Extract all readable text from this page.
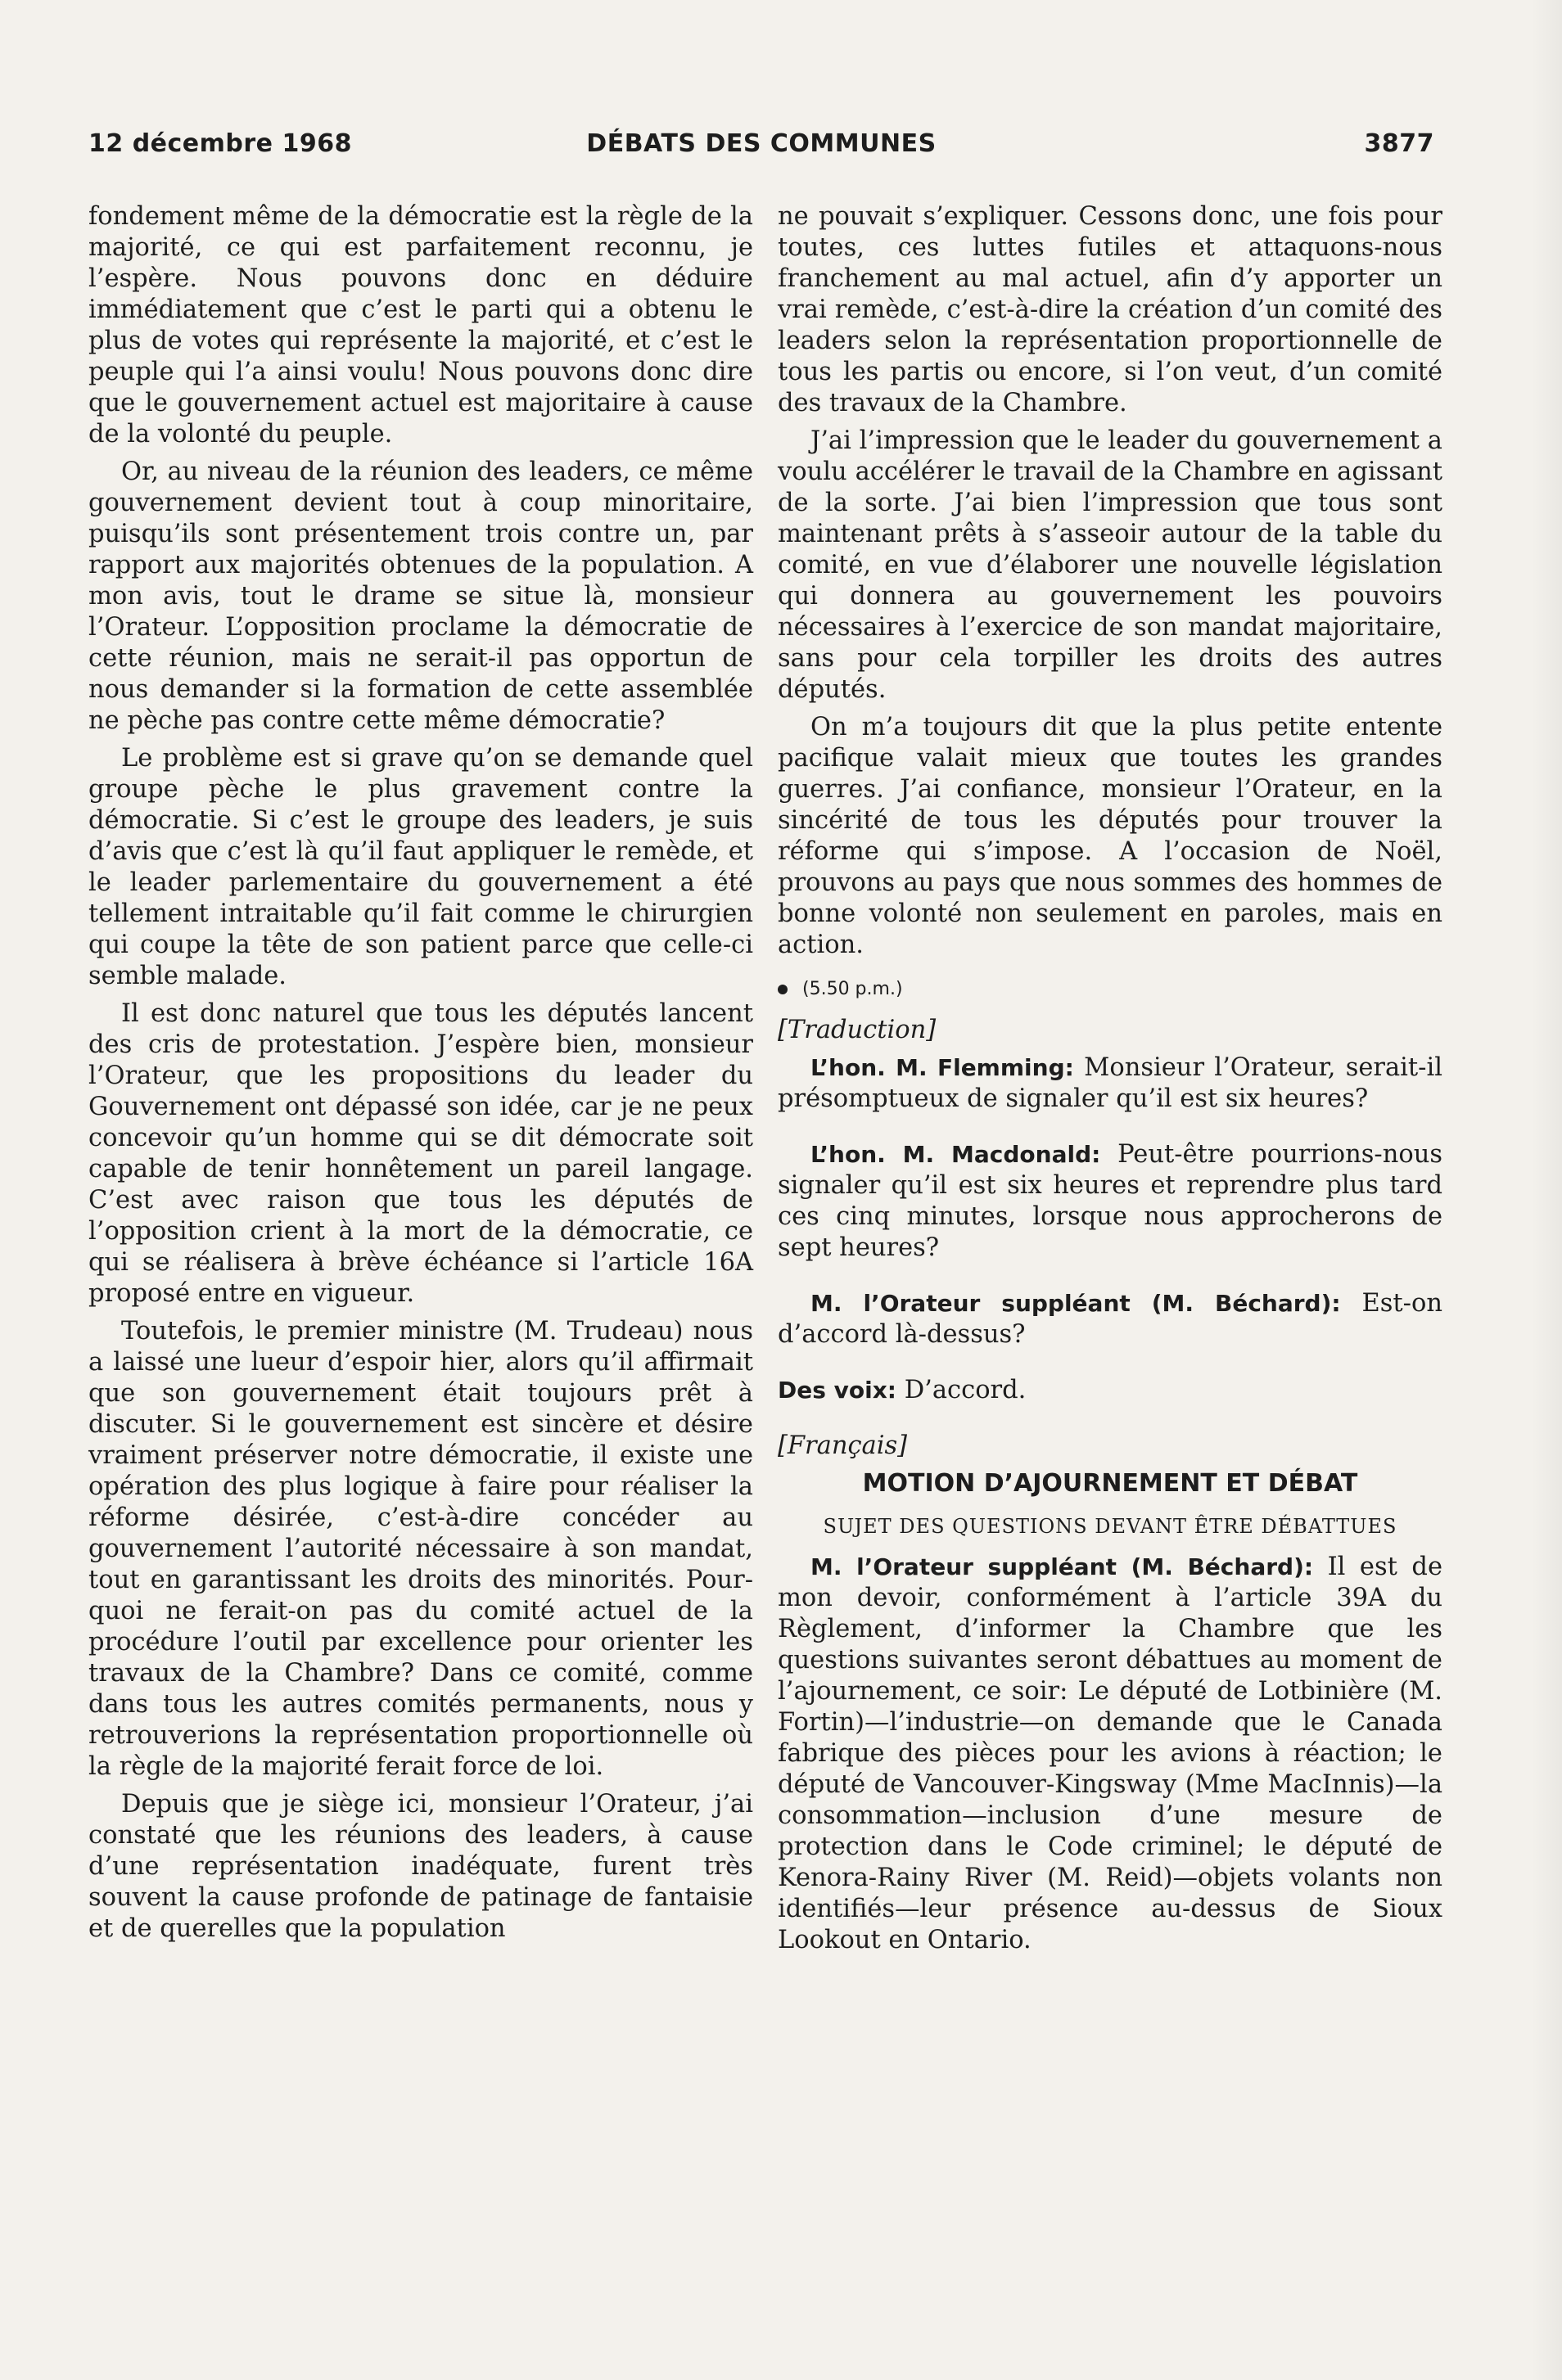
12 décembre 1968	DÉBATS DES COMMUNES	3877

fondement même de la démocratie est la règle de la majorité, ce qui est parfaitement reconnu, je l’espère. Nous pouvons donc en déduire immédiatement que c’est le parti qui a obtenu le plus de votes qui représente la majorité, et c’est le peuple qui l’a ainsi voulu! Nous pouvons donc dire que le gouvernement actuel est majoritaire à cause de la volonté du peuple.

Or, au niveau de la réunion des leaders, ce même gouvernement devient tout à coup minoritaire, puisqu’ils sont présentement trois contre un, par rapport aux majorités obtenues de la population. A mon avis, tout le drame se situe là, monsieur l’Orateur. L’opposition proclame la démocratie de cette réunion, mais ne serait-il pas opportun de nous demander si la formation de cette assemblée ne pèche pas contre cette même démocratie?

Le problème est si grave qu’on se demande quel groupe pèche le plus gravement contre la démocratie. Si c’est le groupe des leaders, je suis d’avis que c’est là qu’il faut appliquer le remède, et le leader parlementaire du gouvernement a été tellement intraitable qu’il fait comme le chirurgien qui coupe la tête de son patient parce que celle-ci semble malade.

Il est donc naturel que tous les députés lancent des cris de protestation. J’espère bien, monsieur l’Orateur, que les propositions du leader du Gouvernement ont dépassé son idée, car je ne peux concevoir qu’un homme qui se dit démocrate soit capable de tenir honnêtement un pareil langage. C’est avec raison que tous les députés de l’opposition crient à la mort de la démocratie, ce qui se réalisera à brève échéance si l’article 16A proposé entre en vigueur.

Toutefois, le premier ministre (M. Trudeau) nous a laissé une lueur d’espoir hier, alors qu’il affirmait que son gouvernement était toujours prêt à discuter. Si le gouvernement est sincère et désire vraiment préserver notre démocratie, il existe une opération des plus logique à faire pour réaliser la réforme désirée, c’est-à-dire concéder au gouvernement l’autorité nécessaire à son mandat, tout en garantissant les droits des minorités. Pourquoi ne ferait-on pas du comité actuel de la procédure l’outil par excellence pour orienter les travaux de la Chambre? Dans ce comité, comme dans tous les autres comités permanents, nous y retrouverions la représentation proportionnelle où la règle de la majorité ferait force de loi.

Depuis que je siège ici, monsieur l’Orateur, j’ai constaté que les réunions des leaders, à cause d’une représentation inadéquate, furent très souvent la cause profonde de patinage de fantaisie et de querelles que la population

ne pouvait s’expliquer. Cessons donc, une fois pour toutes, ces luttes futiles et attaquons-nous franchement au mal actuel, afin d’y apporter un vrai remède, c’est-à-dire la création d’un comité des leaders selon la représentation proportionnelle de tous les partis ou encore, si l’on veut, d’un comité des travaux de la Chambre.

J’ai l’impression que le leader du gouvernement a voulu accélérer le travail de la Chambre en agissant de la sorte. J’ai bien l’impression que tous sont maintenant prêts à s’asseoir autour de la table du comité, en vue d’élaborer une nouvelle législation qui donnera au gouvernement les pouvoirs nécessaires à l’exercice de son mandat majoritaire, sans pour cela torpiller les droits des autres députés.

On m’a toujours dit que la plus petite entente pacifique valait mieux que toutes les grandes guerres. J’ai confiance, monsieur l’Orateur, en la sincérité de tous les députés pour trouver la réforme qui s’impose. A l’occasion de Noël, prouvons au pays que nous sommes des hommes de bonne volonté non seulement en paroles, mais en action.

(5.50 p.m.)

[Traduction]

L’hon. M. Flemming: Monsieur l’Orateur, serait-il présomptueux de signaler qu’il est six heures?

L’hon. M. Macdonald: Peut-être pourrions-nous signaler qu’il est six heures et reprendre plus tard ces cinq minutes, lorsque nous approcherons de sept heures?

M. l’Orateur suppléant (M. Béchard): Est-on d’accord là-dessus?

Des voix: D’accord.

[Français]

MOTION D’AJOURNEMENT ET DÉBAT
SUJET DES QUESTIONS DEVANT ÊTRE DÉBATTUES

M. l’Orateur suppléant (M. Béchard): Il est de mon devoir, conformément à l’article 39A du Règlement, d’informer la Chambre que les questions suivantes seront débattues au moment de l’ajournement, ce soir: Le député de Lotbinière (M. Fortin)—l’industrie—on demande que le Canada fabrique des pièces pour les avions à réaction; le député de Vancouver-Kingsway (Mme MacInnis)—la consommation—inclusion d’une mesure de protection dans le Code criminel; le député de Kenora-Rainy River (M. Reid)—objets volants non identifiés—leur présence au-dessus de Sioux Lookout en Ontario.
